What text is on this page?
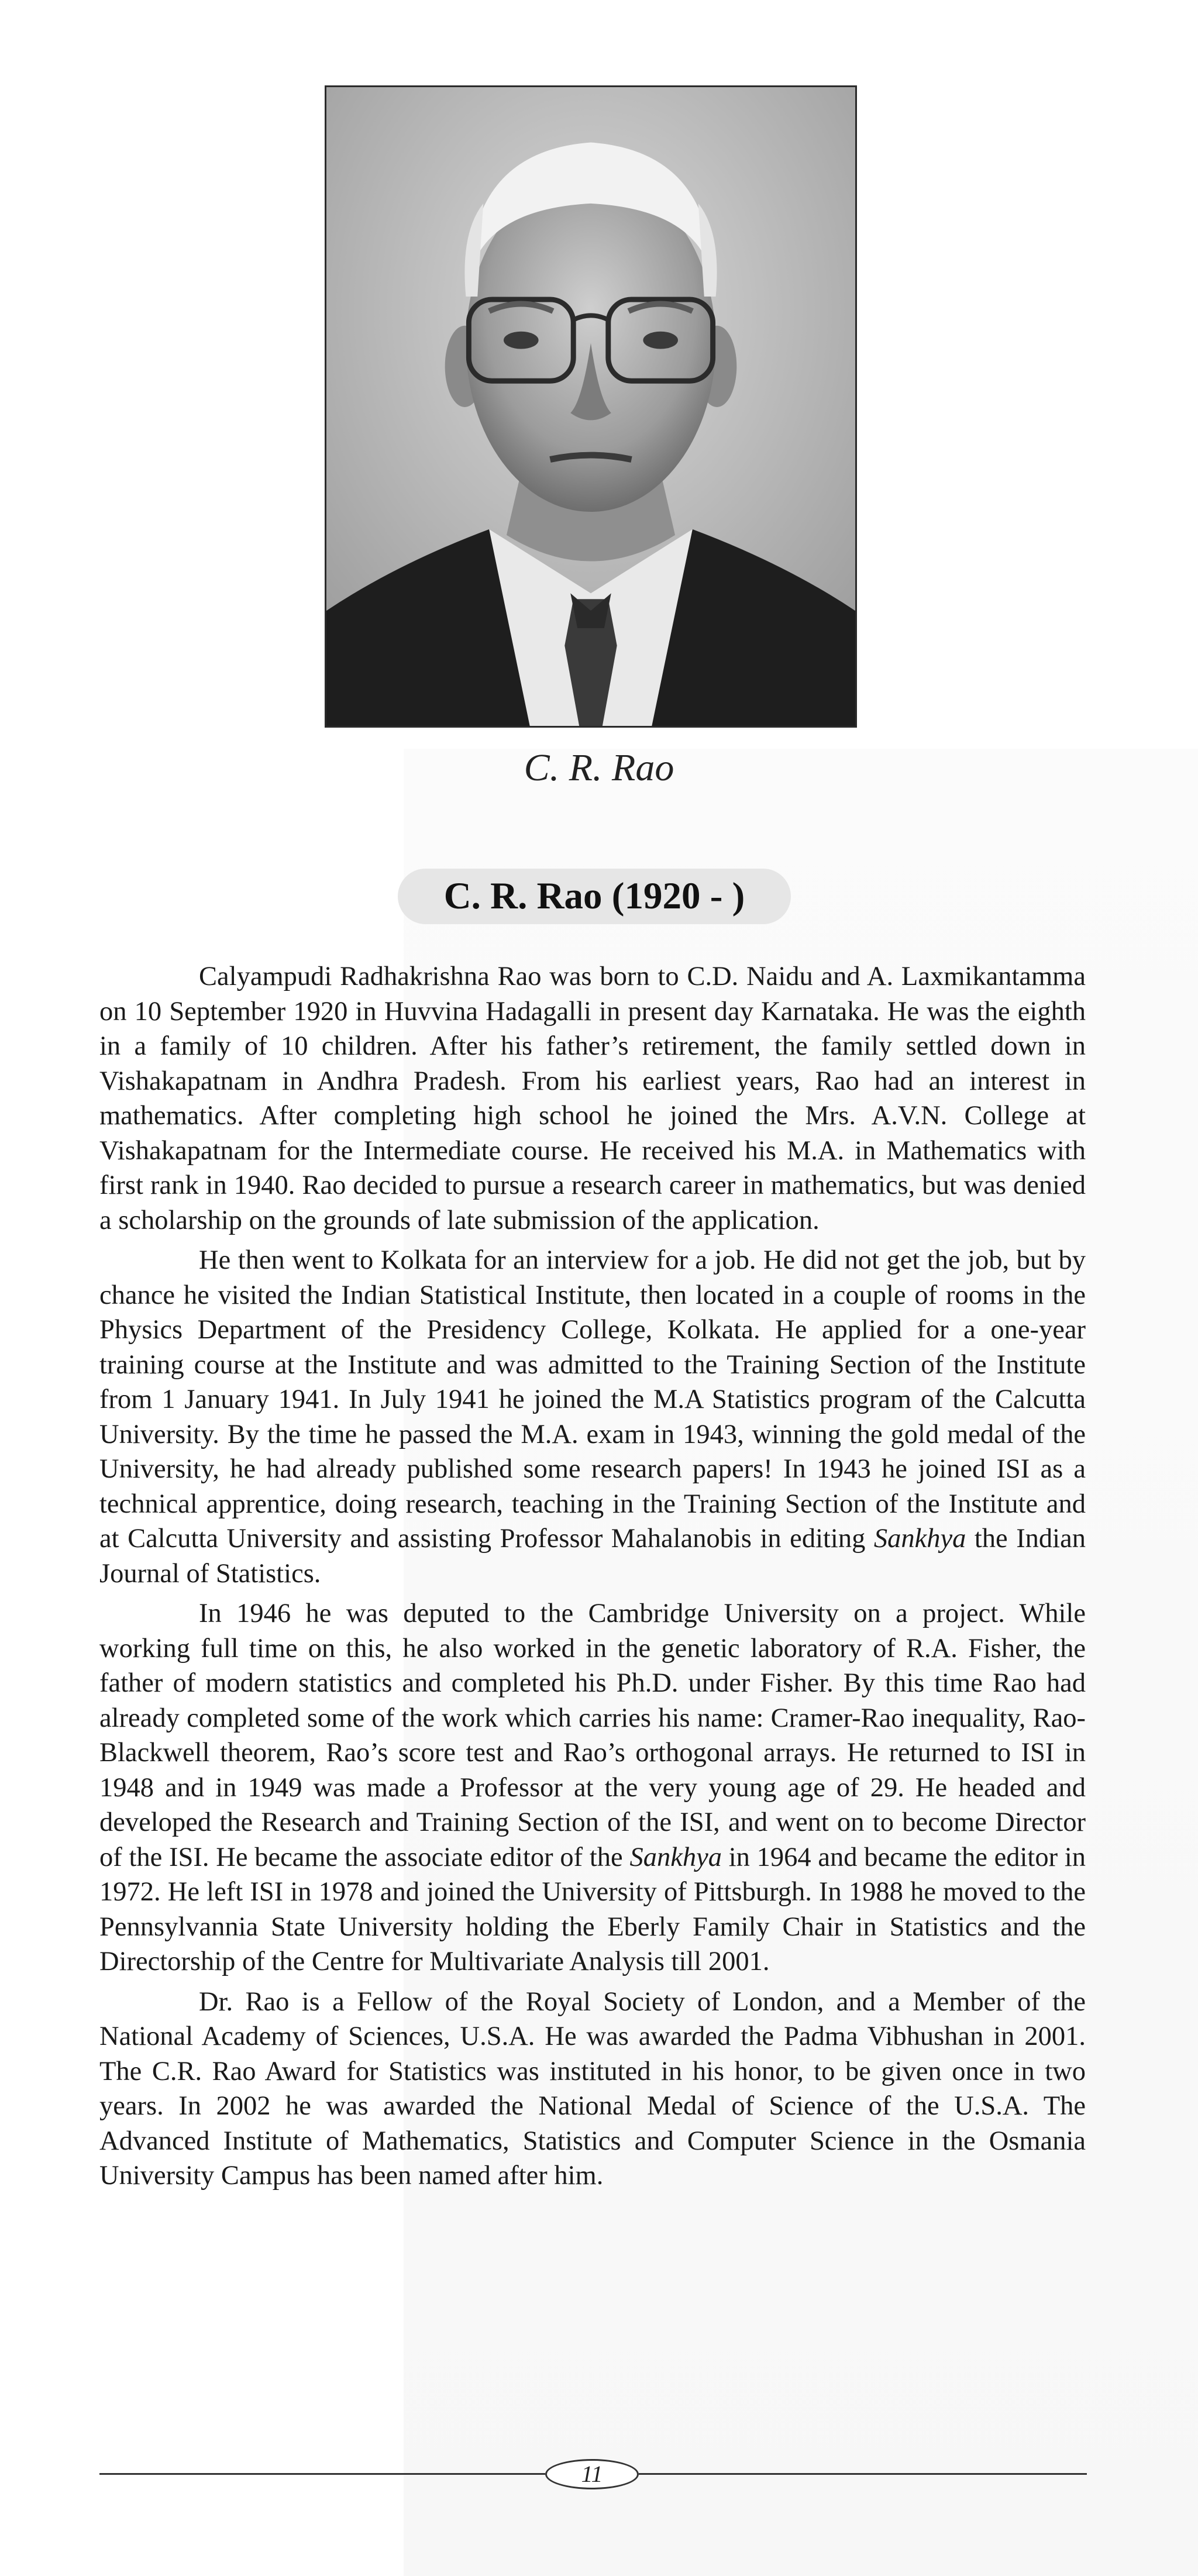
C. R. Rao
C. R. Rao (1920 - )

Calyampudi Radhakrishna Rao was born to C.D. Naidu and A. Laxmikantamma on 10 September 1920 in Huvvina Hadagalli in present day Karnataka. He was the eighth in a family of 10 children. After his father’s retirement, the family settled down in Vishakapatnam in Andhra Pradesh. From his earliest years, Rao had an interest in mathematics. After completing high school he joined the Mrs. A.V.N. College at Vishakapatnam for the Intermediate course. He received his M.A. in Mathematics with first rank in 1940. Rao decided to pursue a research career in mathematics, but was denied a scholarship on the grounds of late submission of the application.

He then went to Kolkata for an interview for a job. He did not get the job, but by chance he visited the Indian Statistical Institute, then located in a couple of rooms in the Physics Department of the Presidency College, Kolkata. He applied for a one-year training course at the Institute and was admitted to the Training Section of the Institute from 1 January 1941. In July 1941 he joined the M.A Statistics program of the Calcutta University. By the time he passed the M.A. exam in 1943, winning the gold medal of the University, he had already published some research papers! In 1943 he joined ISI as a technical apprentice, doing research, teaching in the Training Section of the Institute and at Calcutta University and assisting Professor Mahalanobis in editing Sankhya the Indian Journal of Statistics.

In 1946 he was deputed to the Cambridge University on a project. While working full time on this, he also worked in the genetic laboratory of R.A. Fisher, the father of modern statistics and completed his Ph.D. under Fisher. By this time Rao had already completed some of the work which carries his name: Cramer-Rao inequality, Rao-Blackwell theorem, Rao’s score test and Rao’s orthogonal arrays. He returned to ISI in 1948 and in 1949 was made a Professor at the very young age of 29. He headed and developed the Research and Training Section of the ISI, and went on to become Director of the ISI. He became the associate editor of the Sankhya in 1964 and became the editor in 1972. He left ISI in 1978 and joined the University of Pittsburgh. In 1988 he moved to the Pennsylvannia State University holding the Eberly Family Chair in Statistics and the Directorship of the Centre for Multivariate Analysis till 2001.

Dr. Rao is a Fellow of the Royal Society of London, and a Member of the National Academy of Sciences, U.S.A. He was awarded the Padma Vibhushan in 2001. The C.R. Rao Award for Statistics was instituted in his honor, to be given once in two years. In 2002 he was awarded the National Medal of Science of the U.S.A. The Advanced Institute of Mathematics, Statistics and Computer Science in the Osmania University Campus has been named after him.

11
